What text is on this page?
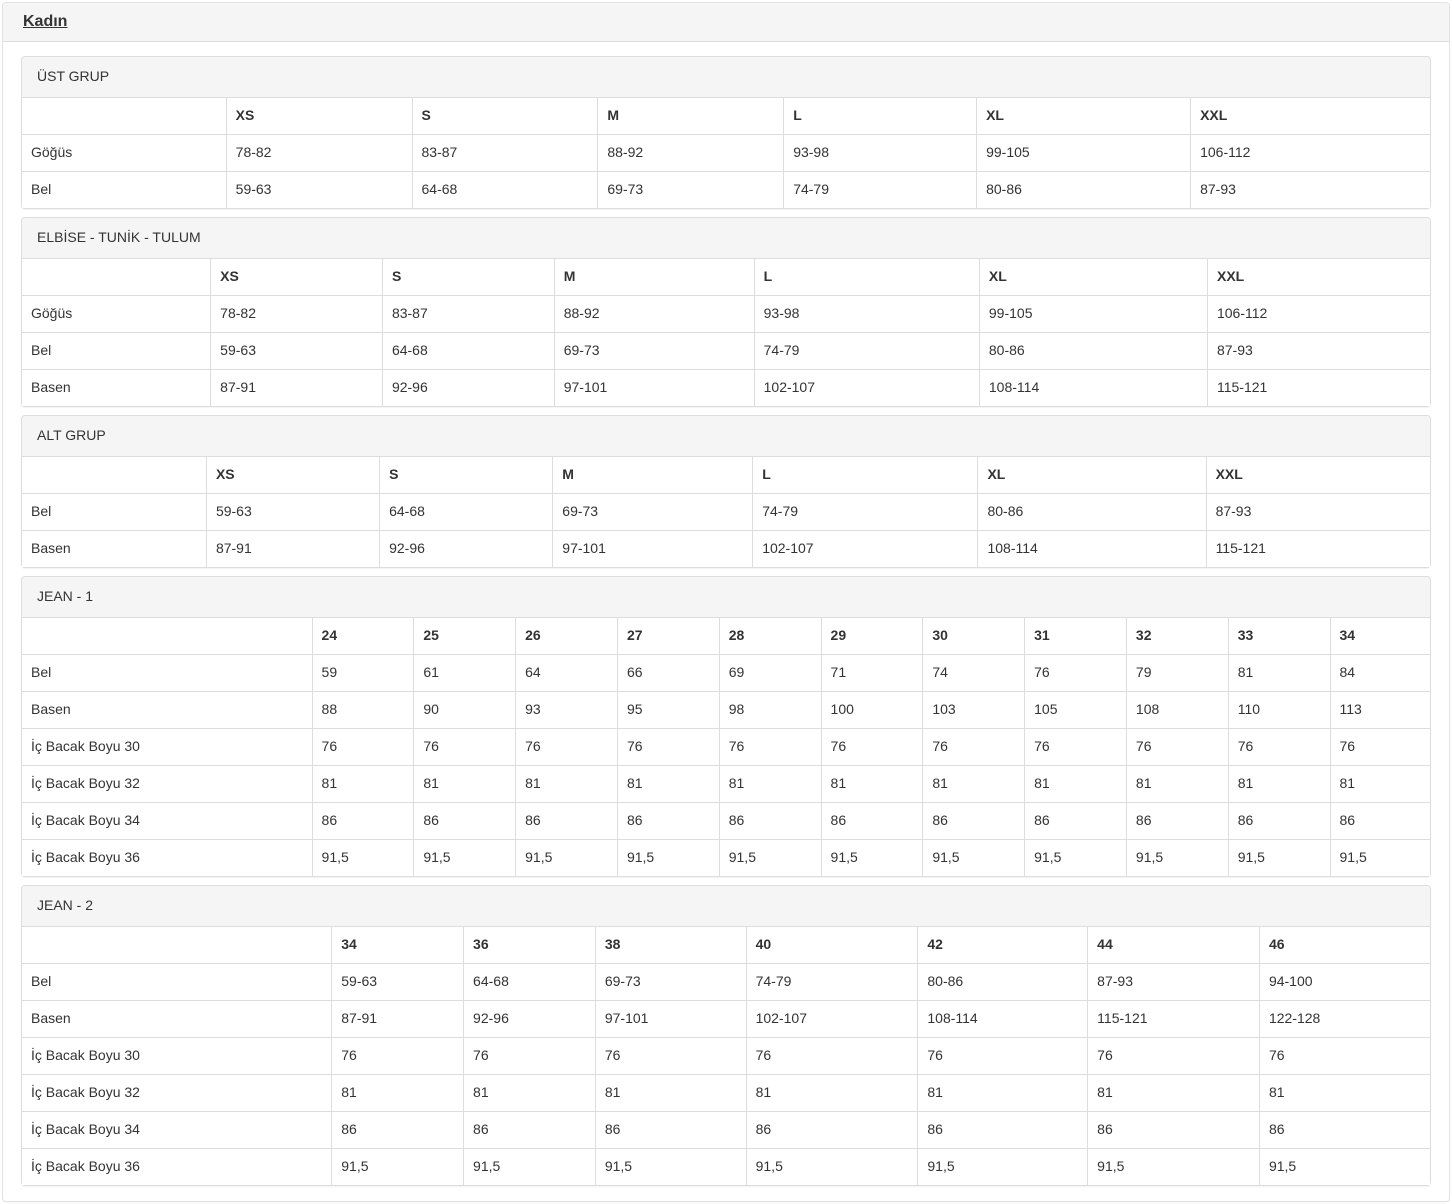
Kadın
ÜST GRUP
	XS	S	M	L	XL	XXL
Göğüs	78-82	83-87	88-92	93-98	99-105	106-112
Bel	59-63	64-68	69-73	74-79	80-86	87-93
ELBİSE - TUNİK - TULUM
	XS	S	M	L	XL	XXL
Göğüs	78-82	83-87	88-92	93-98	99-105	106-112
Bel	59-63	64-68	69-73	74-79	80-86	87-93
Basen	87-91	92-96	97-101	102-107	108-114	115-121
ALT GRUP
	XS	S	M	L	XL	XXL
Bel	59-63	64-68	69-73	74-79	80-86	87-93
Basen	87-91	92-96	97-101	102-107	108-114	115-121
JEAN - 1
	24	25	26	27	28	29	30	31	32	33	34
Bel	59	61	64	66	69	71	74	76	79	81	84
Basen	88	90	93	95	98	100	103	105	108	110	113
İç Bacak Boyu 30	76	76	76	76	76	76	76	76	76	76	76
İç Bacak Boyu 32	81	81	81	81	81	81	81	81	81	81	81
İç Bacak Boyu 34	86	86	86	86	86	86	86	86	86	86	86
İç Bacak Boyu 36	91,5	91,5	91,5	91,5	91,5	91,5	91,5	91,5	91,5	91,5	91,5
JEAN - 2
	34	36	38	40	42	44	46
Bel	59-63	64-68	69-73	74-79	80-86	87-93	94-100
Basen	87-91	92-96	97-101	102-107	108-114	115-121	122-128
İç Bacak Boyu 30	76	76	76	76	76	76	76
İç Bacak Boyu 32	81	81	81	81	81	81	81
İç Bacak Boyu 34	86	86	86	86	86	86	86
İç Bacak Boyu 36	91,5	91,5	91,5	91,5	91,5	91,5	91,5
